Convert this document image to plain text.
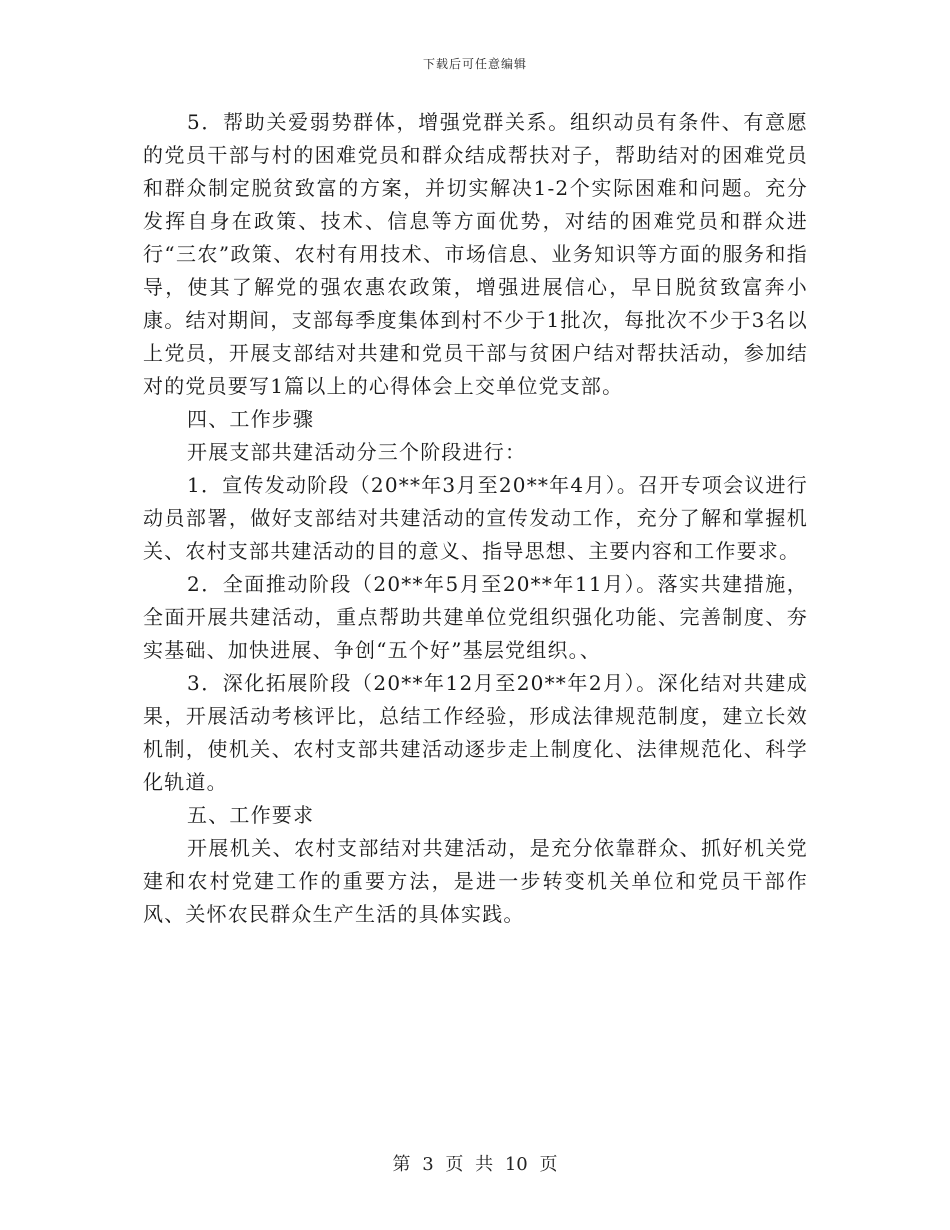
下载后可任意编辑

5．帮助关爱弱势群体，增强党群关系。组织动员有条件、有意愿的党员干部与村的困难党员和群众结成帮扶对子，帮助结对的困难党员和群众制定脱贫致富的方案，并切实解决1-2个实际困难和问题。充分发挥自身在政策、技术、信息等方面优势，对结的困难党员和群众进行“三农”政策、农村有用技术、市场信息、业务知识等方面的服务和指导，使其了解党的强农惠农政策，增强进展信心，早日脱贫致富奔小康。结对期间，支部每季度集体到村不少于1批次，每批次不少于3名以上党员，开展支部结对共建和党员干部与贫困户结对帮扶活动，参加结对的党员要写1篇以上的心得体会上交单位党支部。

四、工作步骤

开展支部共建活动分三个阶段进行：

1．宣传发动阶段（20**年3月至20**年4月）。召开专项会议进行动员部署，做好支部结对共建活动的宣传发动工作，充分了解和掌握机关、农村支部共建活动的目的意义、指导思想、主要内容和工作要求。

2．全面推动阶段（20**年5月至20**年11月）。落实共建措施，全面开展共建活动，重点帮助共建单位党组织强化功能、完善制度、夯实基础、加快进展、争创“五个好”基层党组织。、

3．深化拓展阶段（20**年12月至20**年2月）。深化结对共建成果，开展活动考核评比，总结工作经验，形成法律规范制度，建立长效机制，使机关、农村支部共建活动逐步走上制度化、法律规范化、科学化轨道。

五、工作要求

开展机关、农村支部结对共建活动，是充分依靠群众、抓好机关党建和农村党建工作的重要方法，是进一步转变机关单位和党员干部作风、关怀农民群众生产生活的具体实践。

第 3 页 共 10 页
